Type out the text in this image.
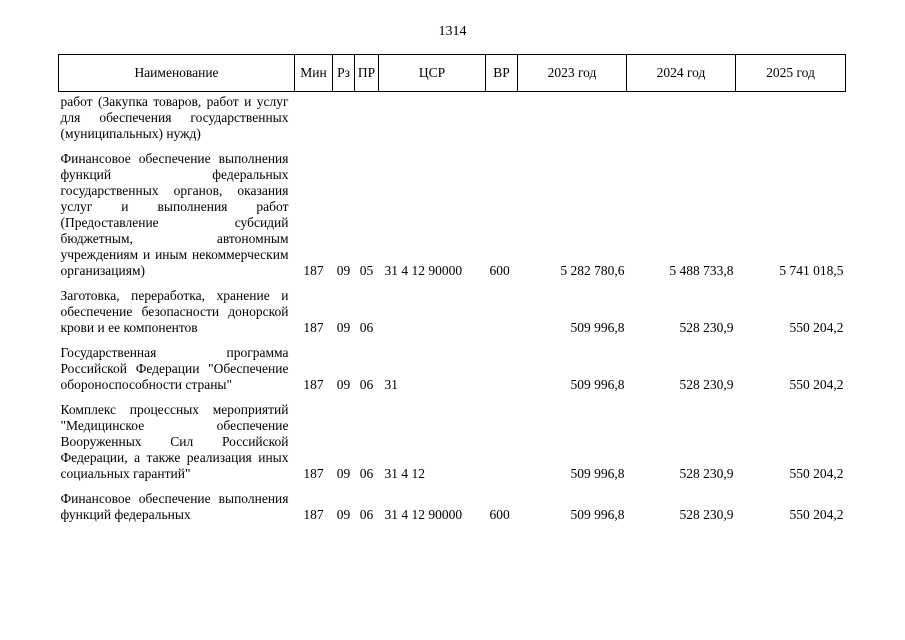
1314
Наименование	Мин	Рз	ПР	ЦСР	ВР	2023 год	2024 год	2025 год
работ (Закупка товаров, работ и услуг для обеспечения государственных (муниципальных) нужд)								
Финансовое обеспечение выполнения функций федеральных государственных органов, оказания услуг и выполнения работ (Предоставление субсидий бюджетным, автономным учреждениям и иным некоммерческим организациям)	187	09	05	31 4 12 90000	600	5 282 780,6	5 488 733,8	5 741 018,5
Заготовка, переработка, хранение и обеспечение безопасности донорской крови и ее компонентов	187	09	06			509 996,8	528 230,9	550 204,2
Государственная программа Российской Федерации "Обеспечение обороноспособности страны"	187	09	06	31		509 996,8	528 230,9	550 204,2
Комплекс процессных мероприятий "Медицинское обеспечение Вооруженных Сил Российской Федерации, а также реализация иных социальных гарантий"	187	09	06	31 4 12		509 996,8	528 230,9	550 204,2
Финансовое обеспечение выполнения функций федеральных	187	09	06	31 4 12 90000	600	509 996,8	528 230,9	550 204,2
